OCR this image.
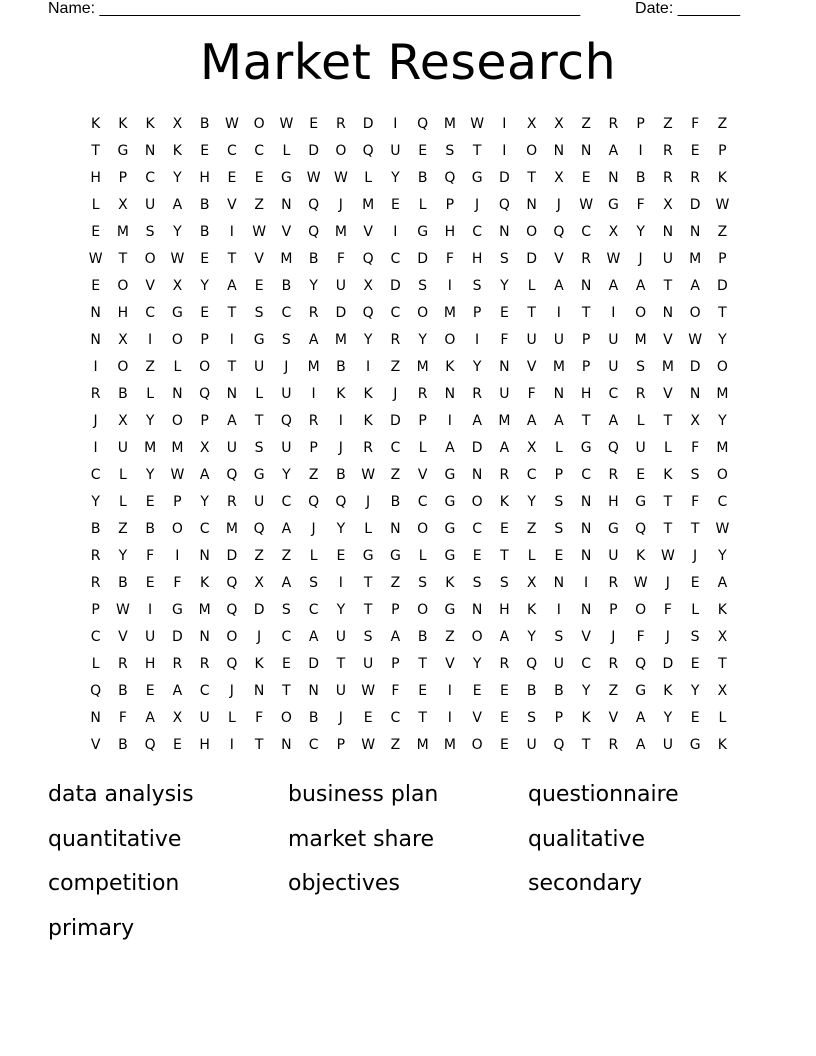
Name: ______________________________________________________	Date: _______
Market Research
K	K	K	X	B	W	O	W	E	R	D	I	Q	M	W	I	X	X	Z	R	P	Z	F	Z
T	G	N	K	E	C	C	L	D	O	Q	U	E	S	T	I	O	N	N	A	I	R	E	P
H	P	C	Y	H	E	E	G	W W	L	Y	B	Q	G	D	T	X	E	N	B	R	R	K
L	X	U	A	B	V	Z	N	Q	J	M	E	L	P	J	Q	N	J	W	G	F	X	D	W
E	M	S	Y	B	I	W	V	Q	M	V	I	G	H	C	N	O	Q	C	X	Y	N	N	Z
W	T	O	W	E	T	V	M	B	F	Q	C	D	F	H	S	D	V	R	W	J	U	M	P
E	O	V	X	Y	A	E	B	Y	U	X	D	S	I	S	Y	L	A	N	A	A	T	A	D
N	H	C	G	E	T	S	C	R	D	Q	C	O	M	P	E	T	I	T	I	O	N	O	T
N	X	I	O	P	I	G	S	A	M	Y	R	Y	O	I	F	U	U	P	U	M	V	W	Y
I	O	Z	L	O	T	U	J	M	B	I	Z	M	K	Y	N	V	M	P	U	S	M	D	O
R	B	L	N	Q	N	L	U	I	K	K	J	R	N	R	U	F	N	H	C	R	V	N	M
J	X	Y	O	P	A	T	Q	R	I	K	D	P	I	A	M	A	A	T	A	L	T	X	Y
I	U	M	M	X	U	S	U	P	J	R	C	L	A	D	A	X	L	G	Q	U	L	F	M
C	L	Y	W	A	Q	G	Y	Z	B	W	Z	V	G	N	R	C	P	C	R	E	K	S	O
Y	L	E	P	Y	R	U	C	Q	Q	J	B	C	G	O	K	Y	S	N	H	G	T	F	C
B	Z	B	O	C	M	Q	A	J	Y	L	N	O	G	C	E	Z	S	N	G	Q	T	T	W
R	Y	F	I	N	D	Z	Z	L	E	G	G	L	G	E	T	L	E	N	U	K	W	J	Y
R	B	E	F	K	Q	X	A	S	I	T	Z	S	K	S	S	X	N	I	R	W	J	E	A
P	W	I	G	M	Q	D	S	C	Y	T	P	O	G	N	H	K	I	N	P	O	F	L	K
C	V	U	D	N	O	J	C	A	U	S	A	B	Z	O	A	Y	S	V	J	F	J	S	X
L	R	H	R	R	Q	K	E	D	T	U	P	T	V	Y	R	Q	U	C	R	Q	D	E	T
Q	B	E	A	C	J	N	T	N	U	W	F	E	I	E	E	B	B	Y	Z	G	K	Y	X
N	F	A	X	U	L	F	O	B	J	E	C	T	I	V	E	S	P	K	V	A	Y	E	L
V	B	Q	E	H	I	T	N	C	P	W	Z	M	M	O	E	U	Q	T	R	A	U	G	K
data analysis	business plan	questionnaire
quantitative	market share	qualitative
competition	objectives	secondary
primary
